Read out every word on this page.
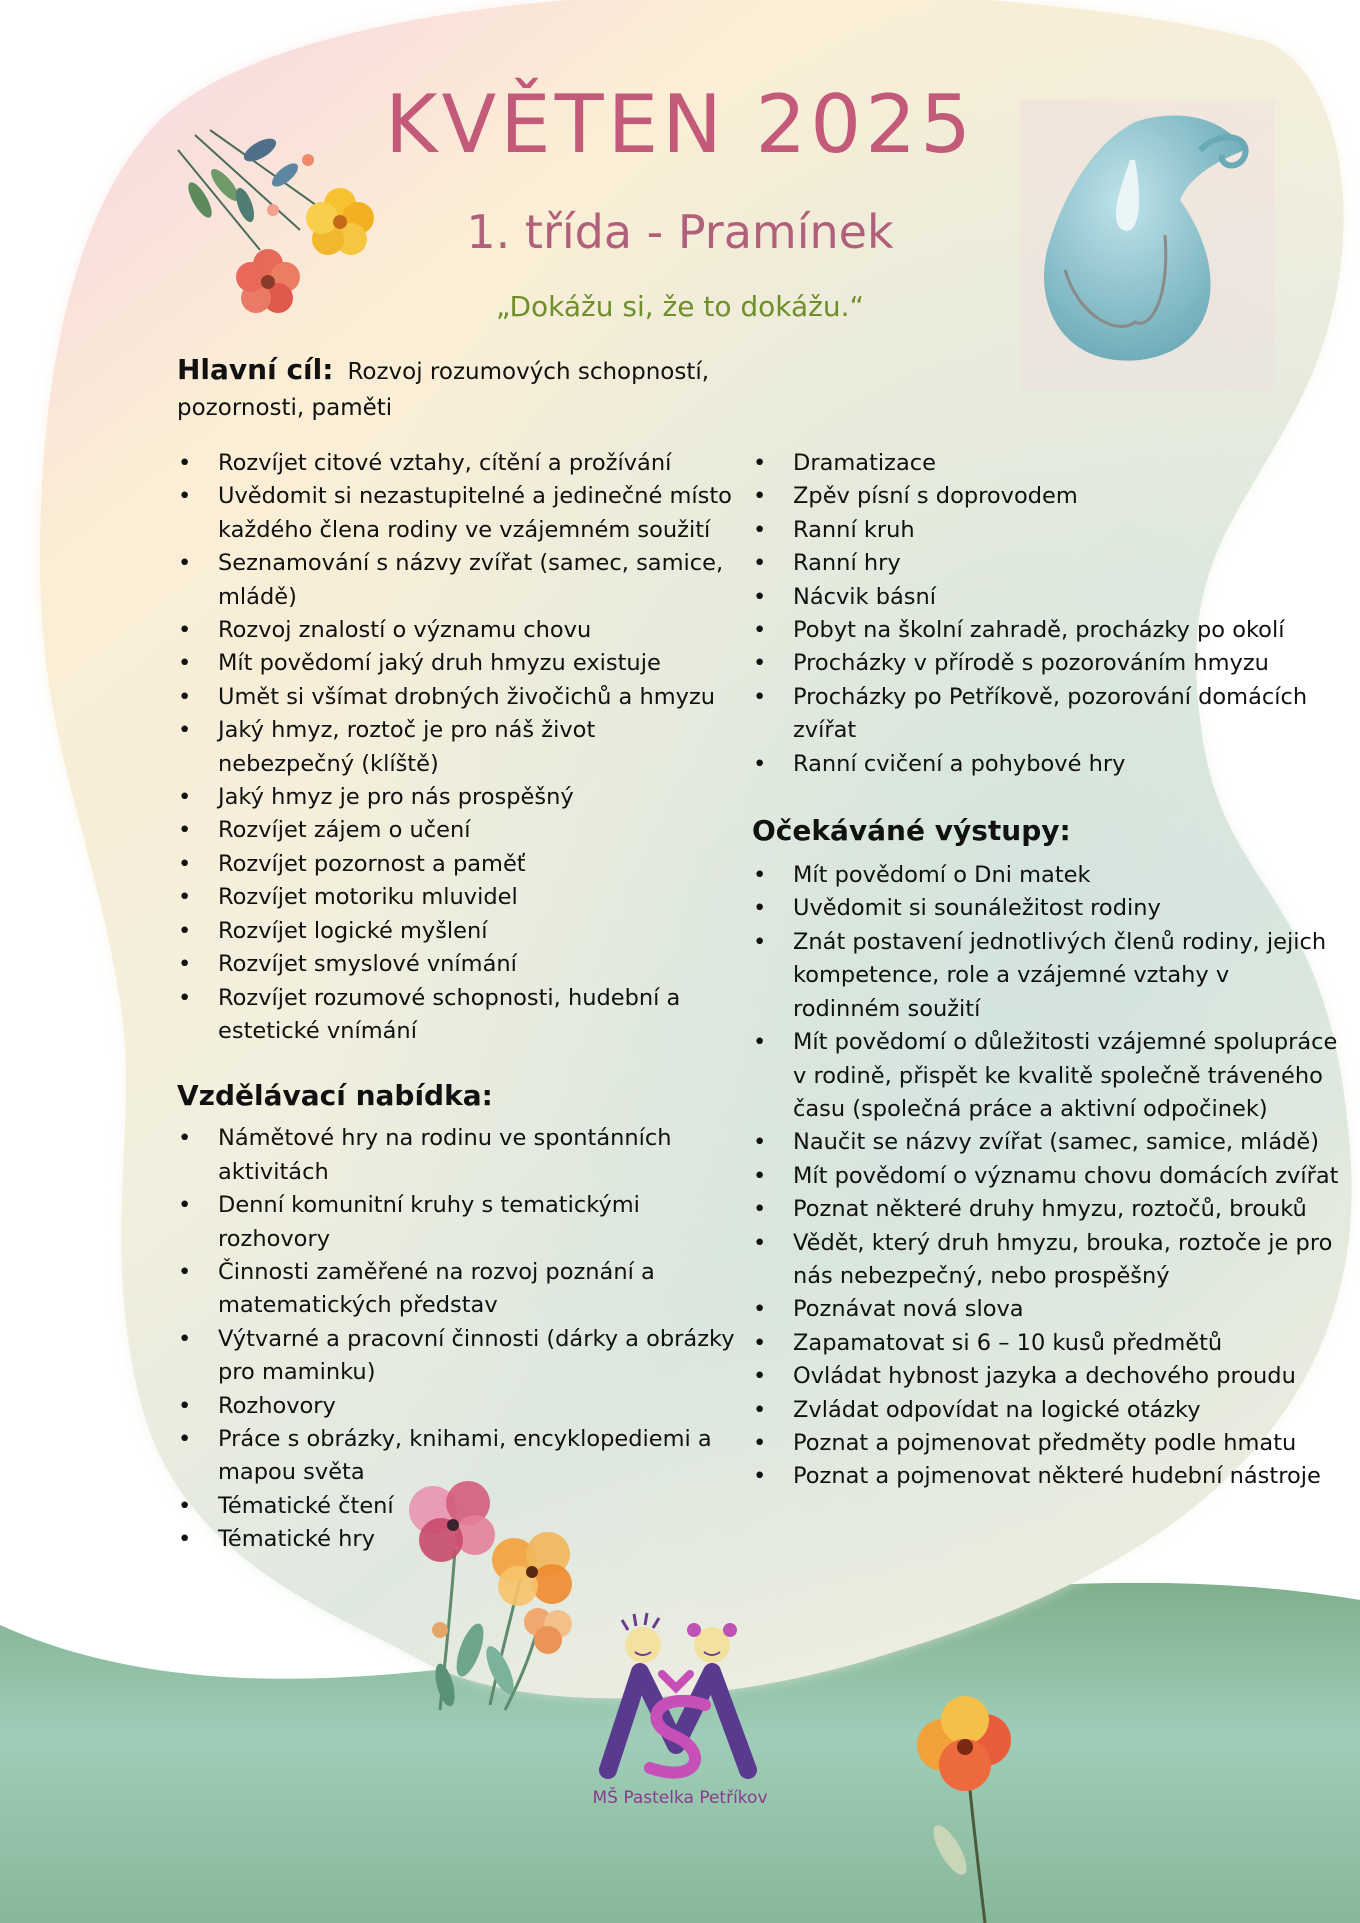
KVĚTEN 2025
1. třída - Pramínek
„Dokážu si, že to dokážu.“
Hlavní cíl: Rozvoj rozumových schopností, pozornosti, paměti
• Rozvíjet citové vztahy, cítění a prožívání
• Uvědomit si nezastupitelné a jedinečné místo každého člena rodiny ve vzájemném soužití
• Seznamování s názvy zvířat (samec, samice, mládě)
• Rozvoj znalostí o významu chovu
• Mít povědomí jaký druh hmyzu existuje
• Umět si všímat drobných živočichů a hmyzu
• Jaký hmyz, roztoč je pro náš život nebezpečný (klíště)
• Jaký hmyz je pro nás prospěšný
• Rozvíjet zájem o učení
• Rozvíjet pozornost a paměť
• Rozvíjet motoriku mluvidel
• Rozvíjet logické myšlení
• Rozvíjet smyslové vnímání
• Rozvíjet rozumové schopnosti, hudební a estetické vnímání
Vzdělávací nabídka:
• Námětové hry na rodinu ve spontánních aktivitách
• Denní komunitní kruhy s tematickými rozhovory
• Činnosti zaměřené na rozvoj poznání a matematických představ
• Výtvarné a pracovní činnosti (dárky a obrázky pro maminku)
• Rozhovory
• Práce s obrázky, knihami, encyklopediemi a mapou světa
• Tématické čtení
• Tématické hry
• Dramatizace
• Zpěv písní s doprovodem
• Ranní kruh
• Ranní hry
• Nácvik básní
• Pobyt na školní zahradě, procházky po okolí
• Procházky v přírodě s pozorováním hmyzu
• Procházky po Petříkově, pozorování domácích zvířat
• Ranní cvičení a pohybové hry
Očekáváné výstupy:
• Mít povědomí o Dni matek
• Uvědomit si sounáležitost rodiny
• Znát postavení jednotlivých členů rodiny, jejich kompetence, role a vzájemné vztahy v rodinném soužití
• Mít povědomí o důležitosti vzájemné spolupráce v rodině, přispět ke kvalitě společně tráveného času (společná práce a aktivní odpočinek)
• Naučit se názvy zvířat (samec, samice, mládě)
• Mít povědomí o významu chovu domácích zvířat
• Poznat některé druhy hmyzu, roztočů, brouků
• Vědět, který druh hmyzu, brouka, roztoče je pro nás nebezpečný, nebo prospěšný
• Poznávat nová slova
• Zapamatovat si 6 – 10 kusů předmětů
• Ovládat hybnost jazyka a dechového proudu
• Zvládat odpovídat na logické otázky
• Poznat a pojmenovat předměty podle hmatu
• Poznat a pojmenovat některé hudební nástroje
MŠ Pastelka Petříkov
